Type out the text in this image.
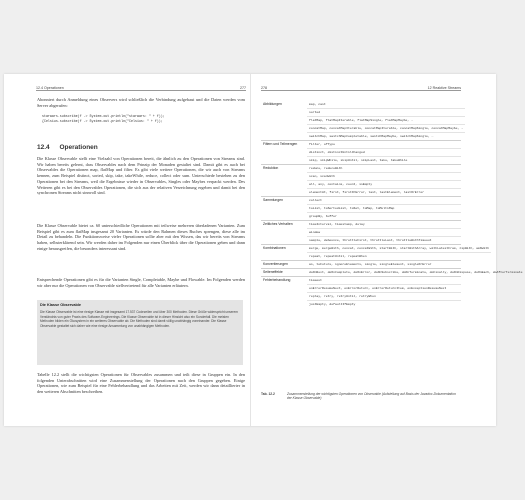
12.4 Operationen	277

Abonniert durch Anmeldung eines Observers wird schließlich die Verbindung aufgebaut und die Daten werden vom Server abgerufen:

starwars.subscribe(f -> System.out.println("starwars: " + f));
{Celsius.subscribe(f -> System.out.println("Celsius: " + f));
12.4 Operationen

Die Klasse Observable stellt eine Vielzahl von Operationen bereit, die ähnlich zu den Operationen von Streams sind. Wir haben bereits gelernt, dass Observables nach dem Prinzip der Monaden gestaltet sind. Damit gibt es auch bei Observables die Operationen map, flatMap und filter. Es gibt viele weitere Operationen, die wir auch von Streams kennen, zum Beispiel distinct, sorted, skip, take, takeWhile, reduce, collect oder sum. Unterschiede bestehen zu den Operationen bei den Streams, weil die Ergebnisse wieder in Observables, Singles oder Maybes verpackt werden. Des Weiteren gibt es bei den Observables Operationen, die sich aus der relativen Verzeichnung ergeben und damit bei den synchronen Streams nicht sinnvoll sind.

Die Klasse Observable bietet ca. 60 unterschiedliche Operationen mit teilweise mehreren überladenen Varianten. Zum Beispiel gibt es zum flatMap insgesamt 20 Varianten. Es würde den Rahmen dieses Buches sprengen, diese alle im Detail zu behandeln. Die Funktionsweise vieler Operationen sollte aber mit den Wissen, das wir bereits von Streams haben, selbsterklärend sein. Wir werden daher im Folgenden nur einen Überblick über die Operationen geben und dann einige herausgreifen, die besonders interessant sind.

Entsprechende Operationen gibt es für die Varianten Single, Completable, Maybe und Flowable. Im Folgenden werden wir aber nur die Operationen von Observable stellvertretend für alle Varianten erläutern.

Die Klasse Observable

Die Klasse Observable ist eine riesige Klasse mit insgesamt 17.537 Codezeilen und über 300 Methoden. Diese Größe widerspricht unserem Verständnis von guter Praxis des Software-Engineerings. Die Klasse Observable ist in dieser Hinsicht also ein Sonderfall. Die meisten Methoden bilden ein Ökosystem in ein weiteres Observable ab. Die Methoden sind damit völlig unabhängig voneinander. Die Klasse Observable gestaltet sich daher wie eine riesige Ansammlung von unabhängigen Methoden.

Tabelle 12.2 stellt die wichtigsten Operationen für Observables zusammen und teilt diese in Gruppen ein. In den folgenden Unterabschnitten wird eine Zusammenstellung der Operationen nach den Gruppen gegeben. Einige Operationen, wie zum Beispiel für eine Fehlerbehandlung und das Arbeiten mit Zeit, werden wir dann detaillierter in den weiteren Abschnitten beschreiben.

278	12 Reaktive Streams
Abbildungen	map, cast
sorted
flatMap, flatMapIterable, flatMapSingle, flatMapMaybe, …
concatMap, concatMapIterable, concatMapIterable, concatMapSingle, concatMapMaybe, …
switchMap, switchMapCompletable, switchMapMaybe, switchMapSingle, …
Filtern und Teilmengen	filter, ofType
distinct, distinctUntilChanged
skip, skipWhile, skipUntil, skipLast, take, takeWhile
Reduktion	reduce, reduceWith
scan, scanWith
all, any, contains, count, isEmpty
elementAt, first, firstOrError, last, lastElement, lastOrError
Sammlungen	collect
toList, toSortedList, toSet, toMap, toMultiMap
groupBy, buffer
Zeitliches Verhalten	timeInterval, timestamp, delay
window
sample, debounce, throttleFirst, throttleLast, throttleWithTimeout
Kombinationen	merge, mergeWith, concat, concatWith, startWith, startWithArray, withLatestFrom, zipWith, ambWith
repeat, repeatUntil, repeatWhen
Konvertierungen	as, toFuture, ignoreElements, single, singleElement, singleOrError
Seiteneffekte	doOnNext, doOnComplete, doOnError, doOnSubscribe, doOnTerminate, doFinally, doOnDispose, doOnEach, doAfterTerminate
Fehlerbehandlung	timeout
onErrorResumeNext, onErrorReturn, onErrorReturnItem, onExceptionResumeNext
replay, retry, retryUntil, retryWhen
justEmpty, defaultIfEmpty
Tab. 12.2	Zusammenstellung der wichtigsten Operationen von Observable (Aufstellung auf Basis der Javadoc-Dokumentation der Klasse Observable)
